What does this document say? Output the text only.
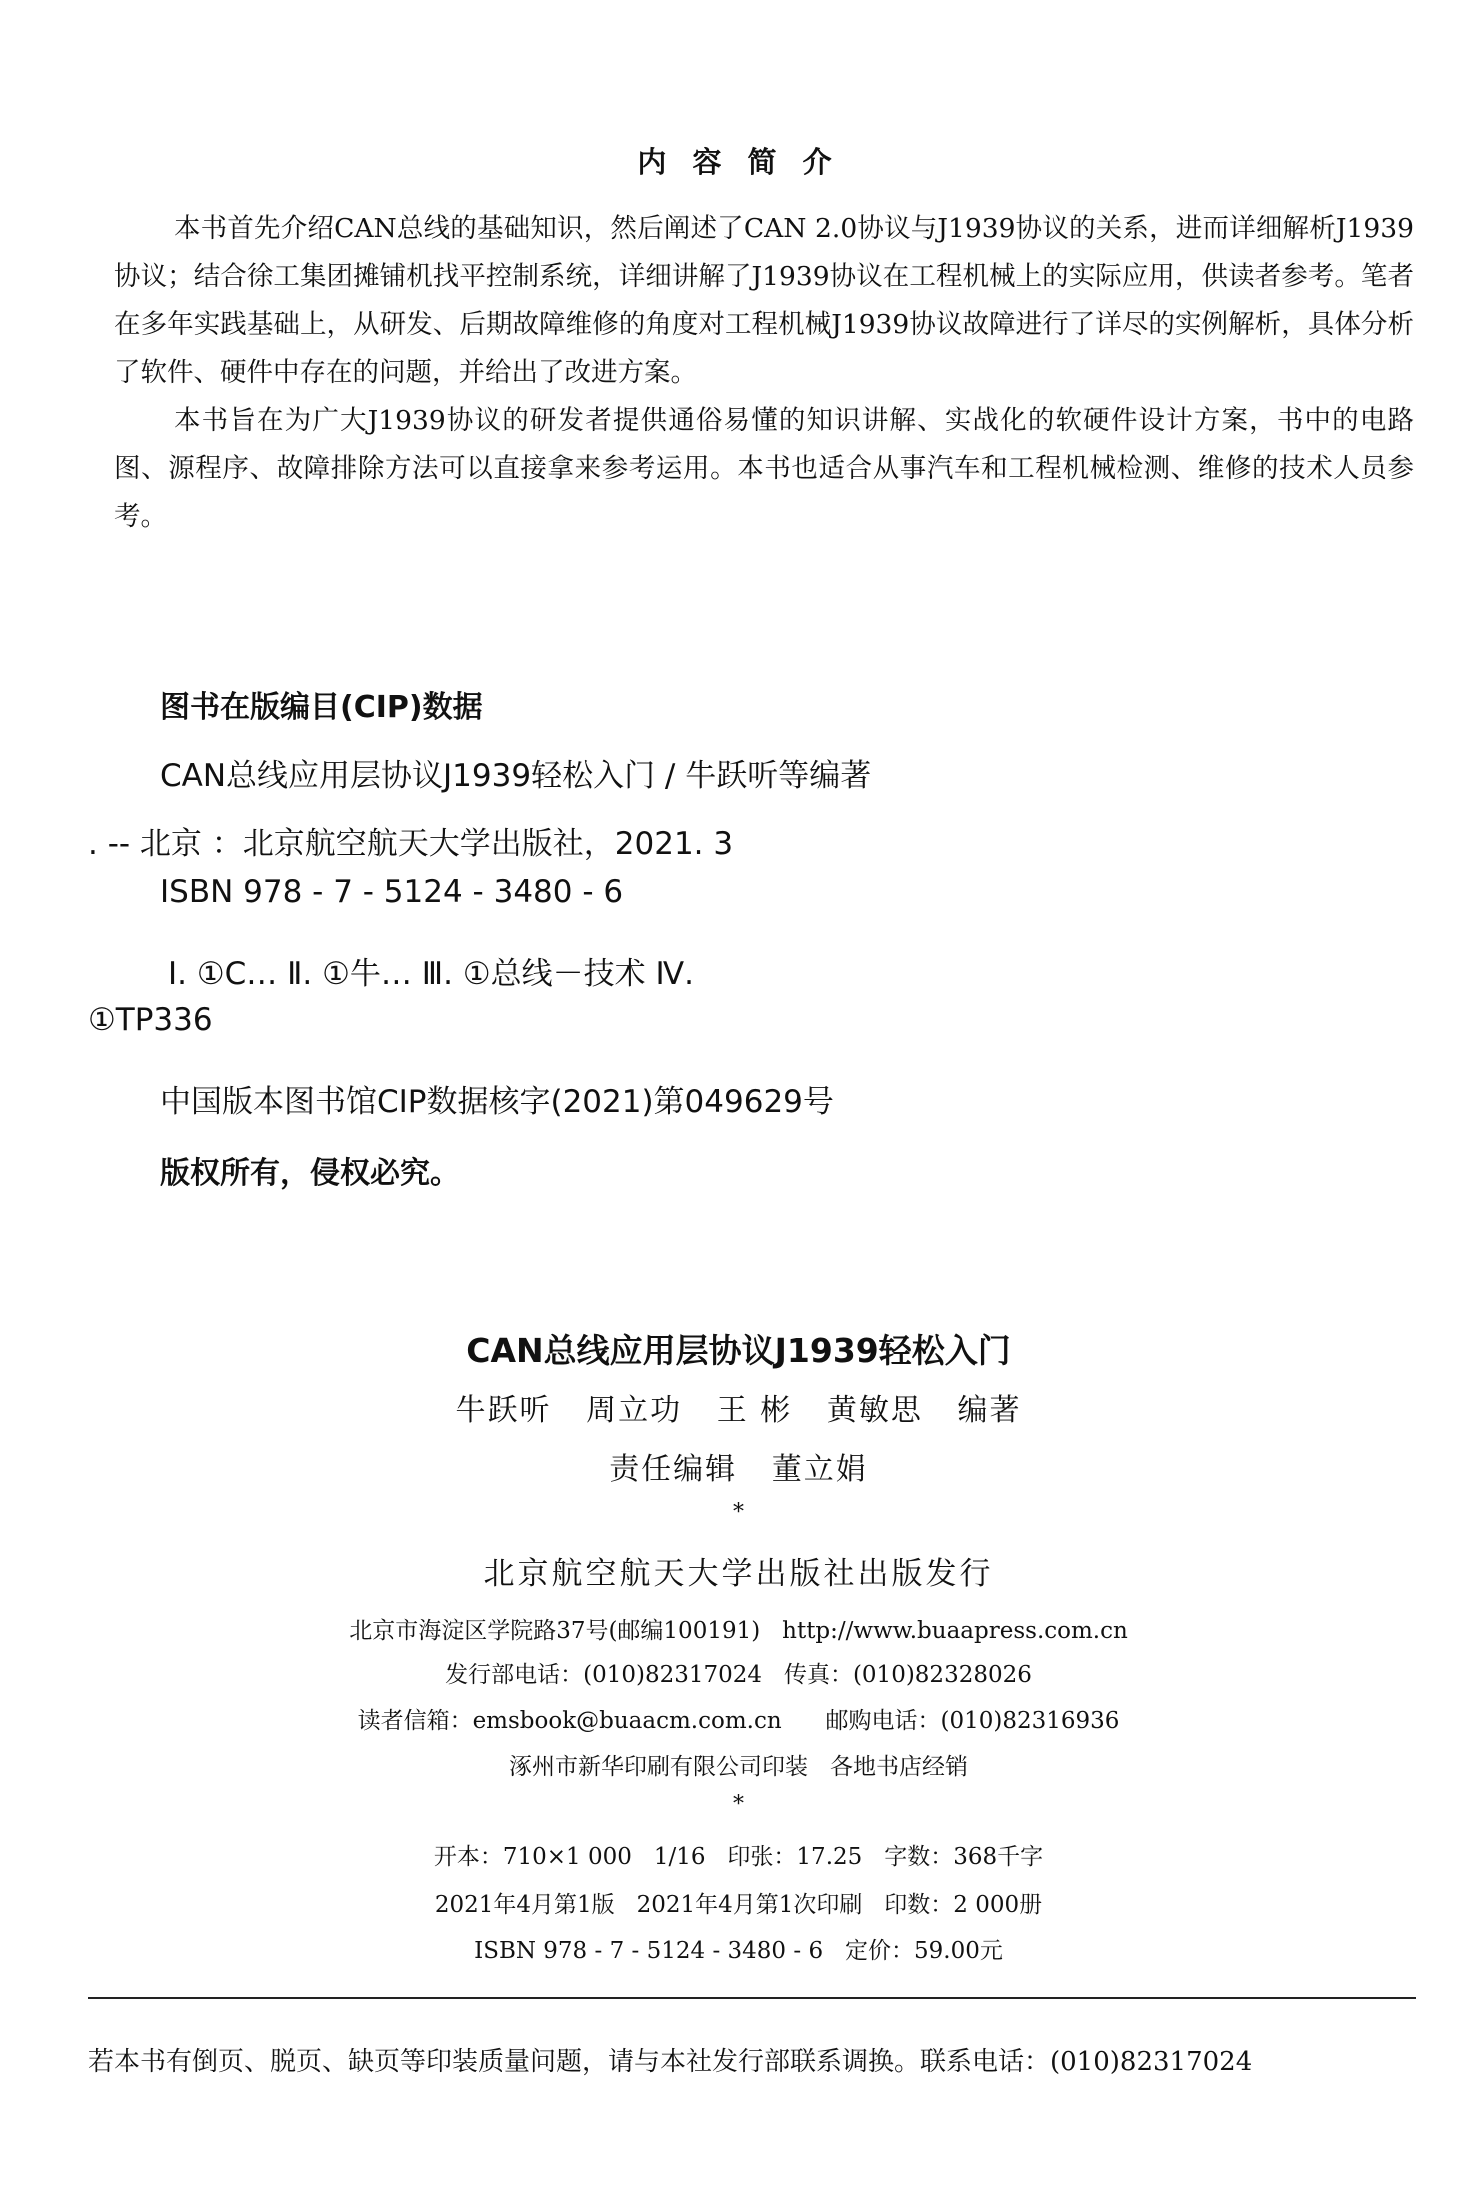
内 容 简 介

本书首先介绍CAN总线的基础知识，然后阐述了CAN 2.0协议与J1939协议的关系，进而详细解析J1939协议；结合徐工集团摊铺机找平控制系统，详细讲解了J1939协议在工程机械上的实际应用，供读者参考。笔者在多年实践基础上，从研发、后期故障维修的角度对工程机械J1939协议故障进行了详尽的实例解析，具体分析了软件、硬件中存在的问题，并给出了改进方案。

本书旨在为广大J1939协议的研发者提供通俗易懂的知识讲解、实战化的软硬件设计方案，书中的电路图、源程序、故障排除方法可以直接拿来参考运用。本书也适合从事汽车和工程机械检测、维修的技术人员参考。

图书在版编目(CIP)数据
CAN总线应用层协议J1939轻松入门 / 牛跃听等编著
. -- 北京 ：北京航空航天大学出版社，2021. 3
ISBN 978 - 7 - 5124 - 3480 - 6
Ⅰ. ①C… Ⅱ. ①牛… Ⅲ. ①总线－技术 Ⅳ.
①TP336
中国版本图书馆CIP数据核字(2021)第049629号
版权所有，侵权必究。
CAN总线应用层协议J1939轻松入门
牛跃听   周立功   王 彬   黄敏思   编著
责任编辑   董立娟
*
北京航空航天大学出版社出版发行
北京市海淀区学院路37号(邮编100191)   http://www.buaapress.com.cn
发行部电话：(010)82317024   传真：(010)82328026
读者信箱：emsbook@buaacm.com.cn      邮购电话：(010)82316936
涿州市新华印刷有限公司印装   各地书店经销
*
开本：710×1 000   1/16   印张：17.25   字数：368千字
2021年4月第1版   2021年4月第1次印刷   印数：2 000册
ISBN 978 - 7 - 5124 - 3480 - 6   定价：59.00元
若本书有倒页、脱页、缺页等印装质量问题，请与本社发行部联系调换。联系电话：(010)82317024
